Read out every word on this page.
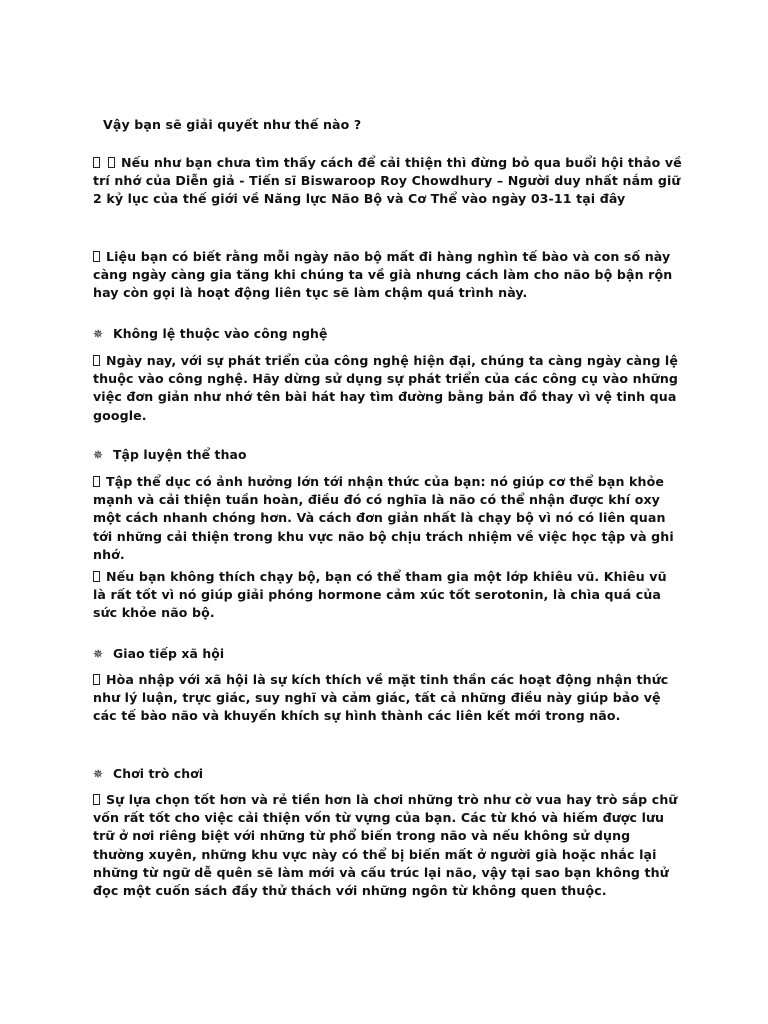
Vậy bạn sẽ giải quyết như thế nào ?
Nếu như bạn chưa tìm thấy cách để cải thiện thì đừng bỏ qua buổi hội thảo về trí nhớ của Diễn giả - Tiến sĩ Biswaroop Roy Chowdhury – Người duy nhất nắm giữ 2 kỷ lục của thế giới về Năng lực Não Bộ và Cơ Thể vào ngày 03-11 tại đây
Liệu bạn có biết rằng mỗi ngày não bộ mất đi hàng nghìn tế bào và con số này càng ngày càng gia tăng khi chúng ta về già nhưng cách làm cho não bộ bận rộn hay còn gọi là hoạt động liên tục sẽ làm chậm quá trình này.
✵ Không lệ thuộc vào công nghệ
Ngày nay, với sự phát triển của công nghệ hiện đại, chúng ta càng ngày càng lệ thuộc vào công nghệ. Hãy dừng sử dụng sự phát triển của các công cụ vào những việc đơn giản như nhớ tên bài hát hay tìm đường bằng bản đồ thay vì vệ tinh qua google.
✵ Tập luyện thể thao
Tập thể dục có ảnh hưởng lớn tới nhận thức của bạn: nó giúp cơ thể bạn khỏe mạnh và cải thiện tuần hoàn, điều đó có nghĩa là não có thể nhận được khí oxy một cách nhanh chóng hơn. Và cách đơn giản nhất là chạy bộ vì nó có liên quan tới những cải thiện trong khu vực não bộ chịu trách nhiệm về việc học tập và ghi nhớ.
Nếu bạn không thích chạy bộ, bạn có thể tham gia một lớp khiêu vũ. Khiêu vũ là rất tốt vì nó giúp giải phóng hormone cảm xúc tốt serotonin, là chìa quá của sức khỏe não bộ.
✵ Giao tiếp xã hội
Hòa nhập với xã hội là sự kích thích về mặt tinh thần các hoạt động nhận thức như lý luận, trực giác, suy nghĩ và cảm giác, tất cả những điều này giúp bảo vệ các tế bào não và khuyến khích sự hình thành các liên kết mới trong não.
✵ Chơi trò chơi
Sự lựa chọn tốt hơn và rẻ tiền hơn là chơi những trò như cờ vua hay trò sắp chữ vốn rất tốt cho việc cải thiện vốn từ vựng của bạn. Các từ khó và hiếm được lưu trữ ở nơi riêng biệt với những từ phổ biến trong não và nếu không sử dụng thường xuyên, những khu vực này có thể bị biến mất ở người già hoặc nhắc lại những từ ngữ dễ quên sẽ làm mới và cấu trúc lại não, vậy tại sao bạn không thử đọc một cuốn sách đầy thử thách với những ngôn từ không quen thuộc.
